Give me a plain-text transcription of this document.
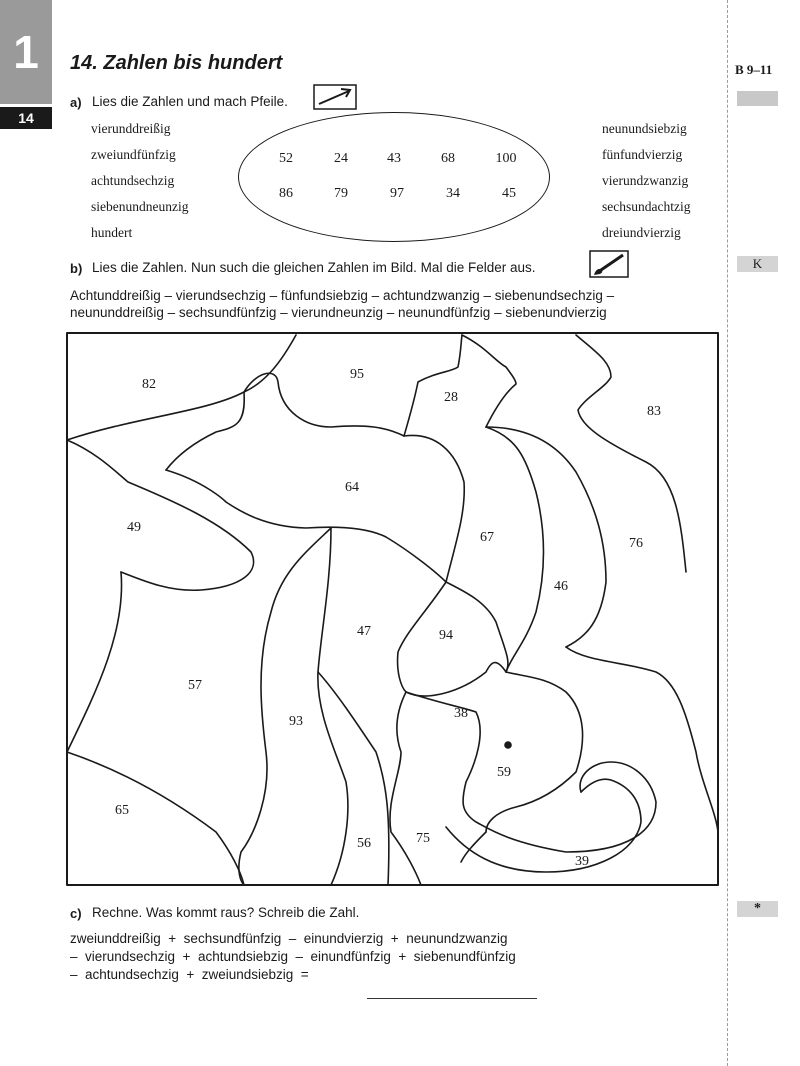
1
14
14. Zahlen bis hundert	B 9–11
K
*
a) Lies die Zahlen und mach Pfeile.
vierunddreißig
zweiundfünfzig
achtundsechzig
siebenundneunzig
hundert
neunundsiebzig
fünfundvierzig
vierundzwanzig
sechsundachtzig
dreiundvierzig
52	24	43	68	100
86	79	97	34	45
b) Lies die Zahlen. Nun such die gleichen Zahlen im Bild. Mal die Felder aus.
Achtunddreißig – vierundsechzig – fünfundsiebzig – achtundzwanzig – siebenundsechzig –
neununddreißig – sechsundfünfzig – vierundneunzig – neunundfünfzig – siebenundvierzig
82
95
28
83
64
49
67	76
46
47	94
57
38
93
59
65
56	75
39
c) Rechne. Was kommt raus? Schreib die Zahl.
zweiunddreißig  +  sechsundfünfzig  –  einundvierzig  +  neunundzwanzig
–  vierundsechzig  +  achtundsiebzig  –  einundfünfzig  +  siebenundfünfzig
–  achtundsechzig  +  zweiundsiebzig  =
